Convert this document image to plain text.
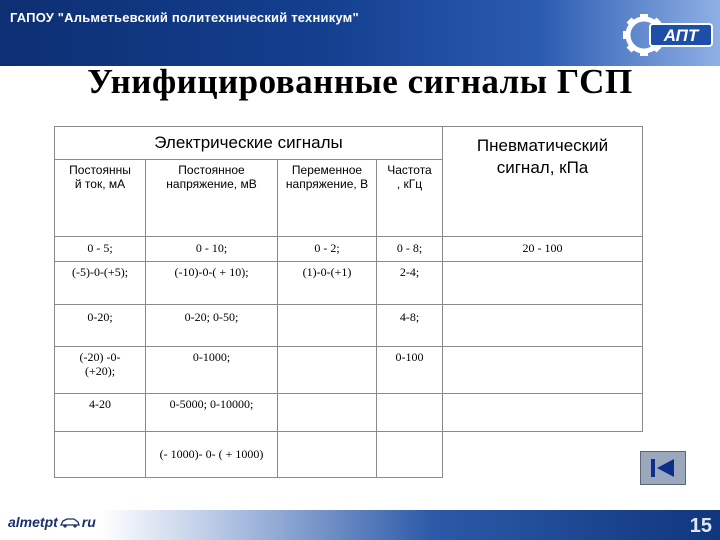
ГАПОУ "Альметьевский политехнический техникум"
АПТ
Унифицированные сигналы ГСП
Электрические сигналы				Пневматический сигнал, кПа

Постоянны й ток, мА	Постоянное напряжение, мВ	Переменное напряжение, В	Частота , кГц	

0 - 5;	0 - 10;	0 - 2;	0 - 8;	20 - 100
(-5)-0-(+5);	(-10)-0-( + 10);	(1)-0-(+1)	2-4;	
0-20;	0-20; 0-50;		4-8;	

(-20) -0- (+20);	0-1000;		0-100	
4-20	0-5000; 0-10000;			

	(- 1000)- 0- ( + 1000)			

almetpt ru	15
